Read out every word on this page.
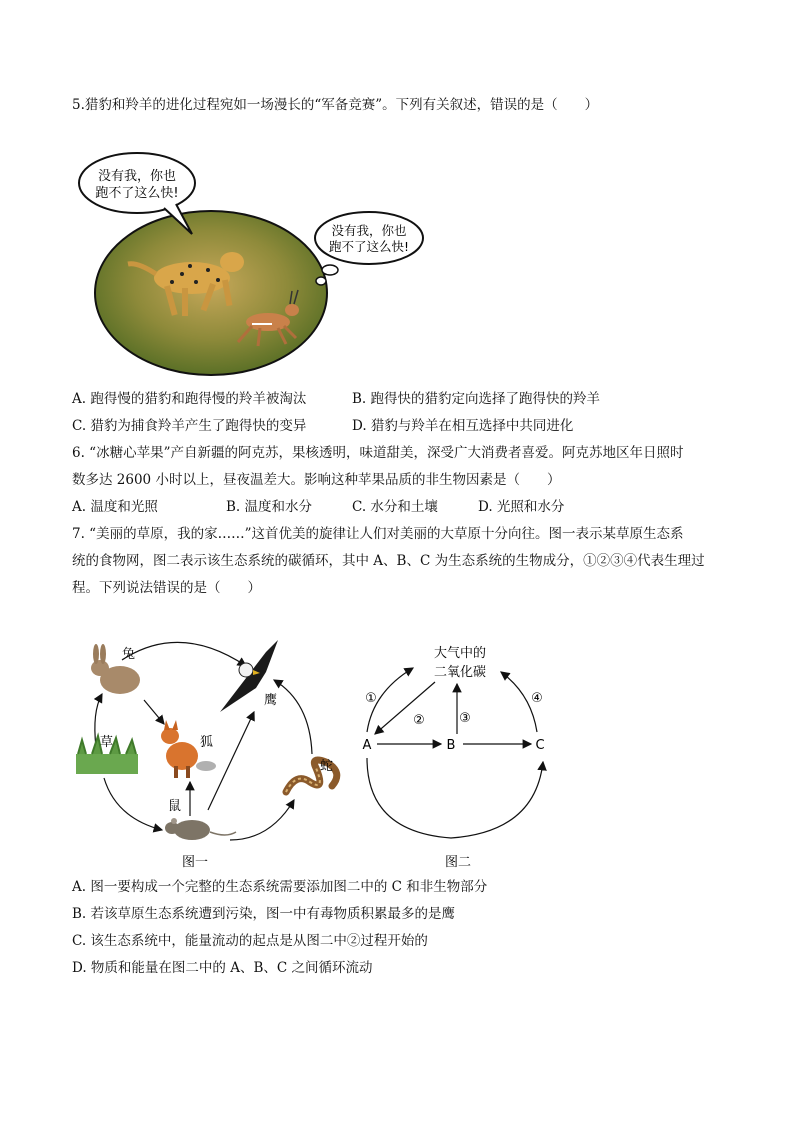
5.猎豹和羚羊的进化过程宛如一场漫长的“军备竞赛”。下列有关叙述，错误的是（　　）
没有我，你也
跑不了这么快!
没有我，你也
跑不了这么快!
A. 跑得慢的猎豹和跑得慢的羚羊被淘汰	B. 跑得快的猎豹定向选择了跑得快的羚羊
C. 猎豹为捕食羚羊产生了跑得快的变异	D. 猎豹与羚羊在相互选择中共同进化
6. “冰糖心苹果”产自新疆的阿克苏，果核透明，味道甜美，深受广大消费者喜爱。阿克苏地区年日照时
数多达 2600 小时以上，昼夜温差大。影响这种苹果品质的非生物因素是（　　）
A. 温度和光照	B. 温度和水分	C. 水分和土壤	D. 光照和水分
7. “美丽的草原，我的家……”这首优美的旋律让人们对美丽的大草原十分向往。图一表示某草原生态系
统的食物网，图二表示该生态系统的碳循环，其中 A、B、C 为生态系统的生物成分，①②③④代表生理过
程。下列说法错误的是（　　）
兔
鹰
草	狐
蛇
鼠
图一
大气中的
二氧化碳
A	B	C
①
②	③
④
图二
A. 图一要构成一个完整的生态系统需要添加图二中的 C 和非生物部分
B. 若该草原生态系统遭到污染，图一中有毒物质积累最多的是鹰
C. 该生态系统中，能量流动的起点是从图二中②过程开始的
D. 物质和能量在图二中的 A、B、C 之间循环流动
